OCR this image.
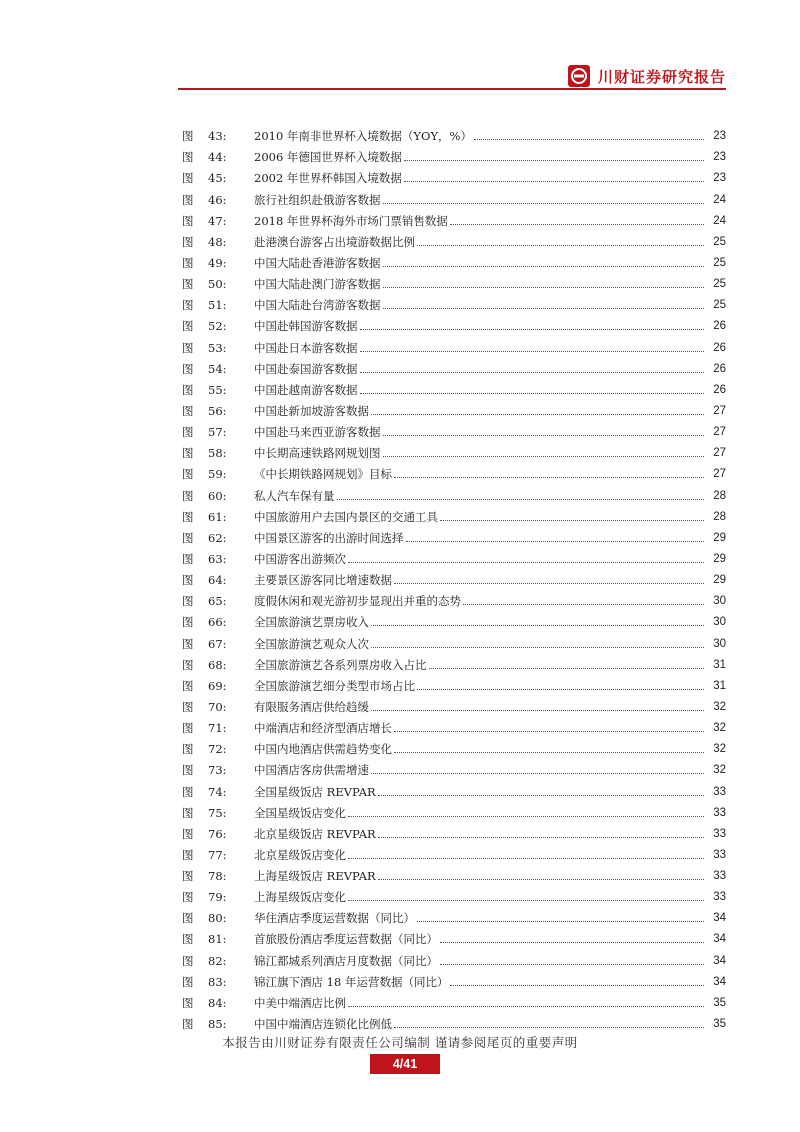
川财证券研究报告
图	43:	2010 年南非世界杯入境数据（YOY，%）	23
图	44:	2006 年德国世界杯入境数据	23
图	45:	2002 年世界杯韩国入境数据	23
图	46:	旅行社组织赴俄游客数据	24
图	47:	2018 年世界杯海外市场门票销售数据	24
图	48:	赴港澳台游客占出境游数据比例	25
图	49:	中国大陆赴香港游客数据	25
图	50:	中国大陆赴澳门游客数据	25
图	51:	中国大陆赴台湾游客数据	25
图	52:	中国赴韩国游客数据	26
图	53:	中国赴日本游客数据	26
图	54:	中国赴泰国游客数据	26
图	55:	中国赴越南游客数据	26
图	56:	中国赴新加坡游客数据	27
图	57:	中国赴马来西亚游客数据	27
图	58:	中长期高速铁路网规划图	27
图	59:	《中长期铁路网规划》目标	27
图	60:	私人汽车保有量	28
图	61:	中国旅游用户去国内景区的交通工具	28
图	62:	中国景区游客的出游时间选择	29
图	63:	中国游客出游频次	29
图	64:	主要景区游客同比增速数据	29
图	65:	度假休闲和观光游初步显现出并重的态势	30
图	66:	全国旅游演艺票房收入	30
图	67:	全国旅游演艺观众人次	30
图	68:	全国旅游演艺各系列票房收入占比	31
图	69:	全国旅游演艺细分类型市场占比	31
图	70:	有限服务酒店供给趋缓	32
图	71:	中端酒店和经济型酒店增长	32
图	72:	中国内地酒店供需趋势变化	32
图	73:	中国酒店客房供需增速	32
图	74:	全国星级饭店 REVPAR	33
图	75:	全国星级饭店变化	33
图	76:	北京星级饭店 REVPAR	33
图	77:	北京星级饭店变化	33
图	78:	上海星级饭店 REVPAR	33
图	79:	上海星级饭店变化	33
图	80:	华住酒店季度运营数据（同比）	34
图	81:	首旅股份酒店季度运营数据（同比）	34
图	82:	锦江都城系列酒店月度数据（同比）	34
图	83:	锦江旗下酒店 18 年运营数据（同比）	34
图	84:	中美中端酒店比例	35
图	85:	中国中端酒店连锁化比例低	35
本报告由川财证券有限责任公司编制 谨请参阅尾页的重要声明
4/41
